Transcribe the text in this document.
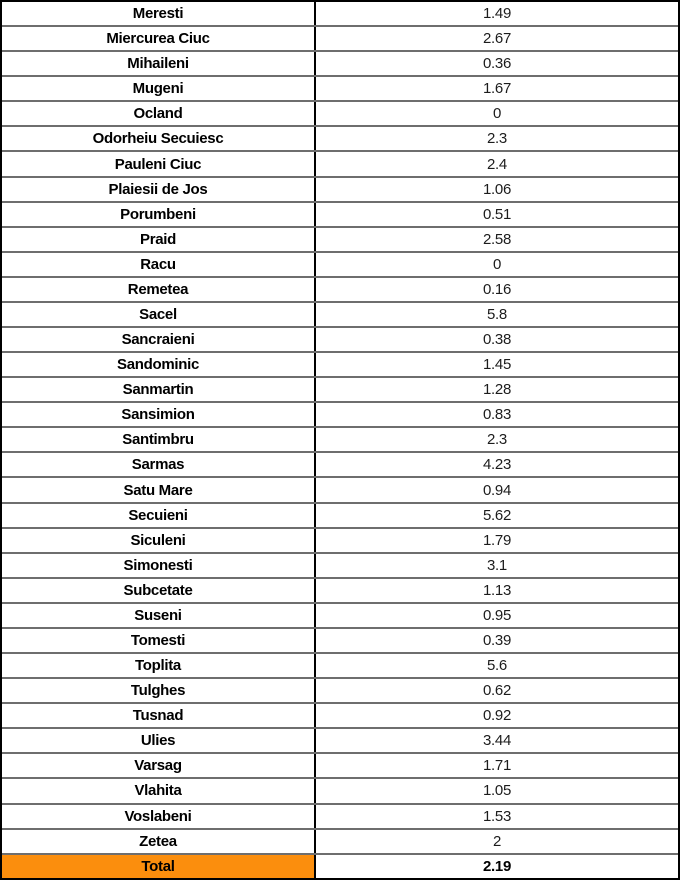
Meresti	1.49
Miercurea Ciuc	2.67
Mihaileni	0.36
Mugeni	1.67
Ocland	0
Odorheiu Secuiesc	2.3
Pauleni Ciuc	2.4
Plaiesii de Jos	1.06
Porumbeni	0.51
Praid	2.58
Racu	0
Remetea	0.16
Sacel	5.8
Sancraieni	0.38
Sandominic	1.45
Sanmartin	1.28
Sansimion	0.83
Santimbru	2.3
Sarmas	4.23
Satu Mare	0.94
Secuieni	5.62
Siculeni	1.79
Simonesti	3.1
Subcetate	1.13
Suseni	0.95
Tomesti	0.39
Toplita	5.6
Tulghes	0.62
Tusnad	0.92
Ulies	3.44
Varsag	1.71
Vlahita	1.05
Voslabeni	1.53
Zetea	2
Total	2.19
